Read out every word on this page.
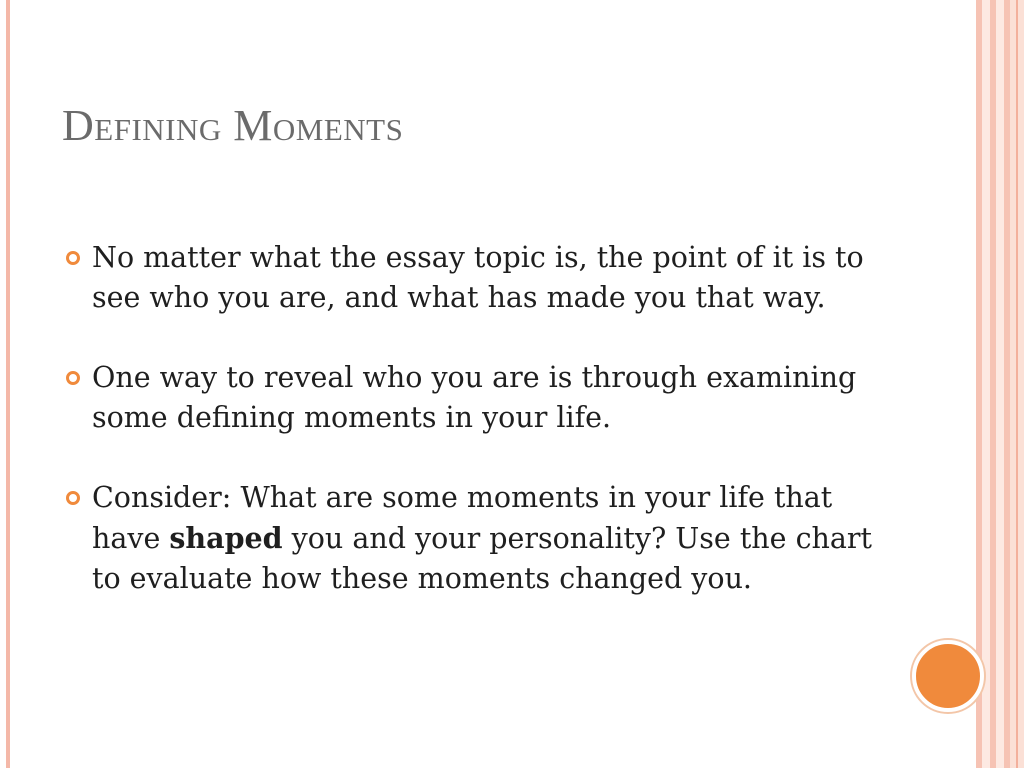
Defining Moments
No matter what the essay topic is, the point of it is to see who you are, and what has made you that way.
One way to reveal who you are is through examining some defining moments in your life.
Consider: What are some moments in your life that have shaped you and your personality? Use the chart to evaluate how these moments changed you.
